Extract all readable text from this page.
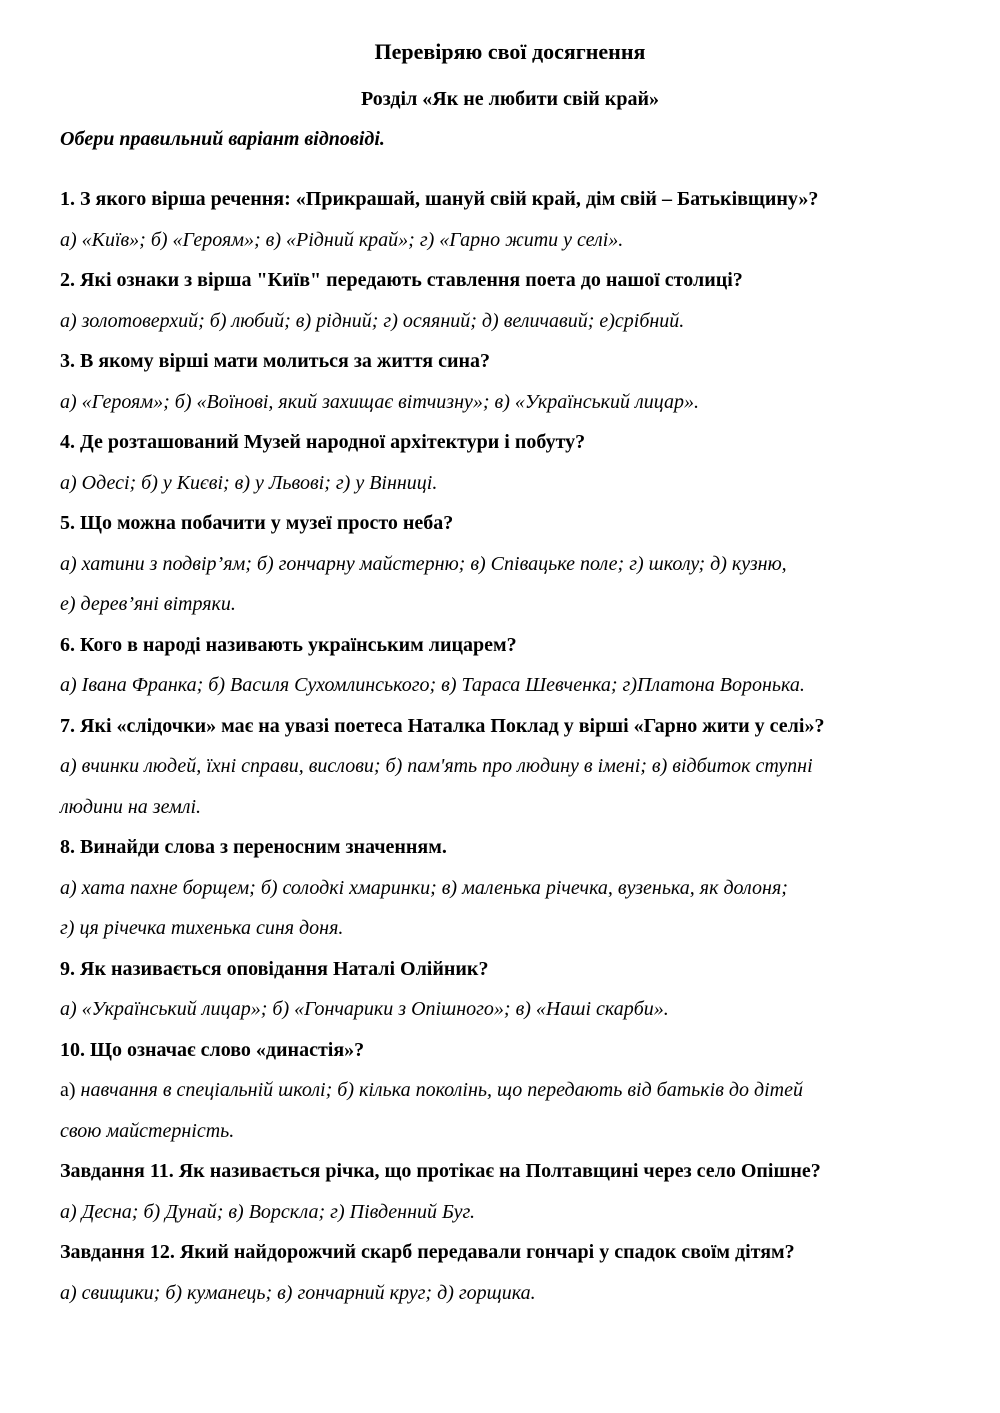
Перевіряю свої досягнення
Розділ «Як не любити свій край»

Обери правильний варіант відповіді.

1. З якого вірша речення: «Прикрашай, шануй свій край, дім свій – Батьківщину»?

а) «Київ»; б) «Героям»; в) «Рідний край»; г) «Гарно жити у селі».

2. Які ознаки з вірша "Київ" передають ставлення поета до нашої столиці?

а) золотоверхий; б) любий; в) рідний; г) осяяний; д) величавий; е)срібний.

3. В якому вірші мати молиться за життя сина?

а) «Героям»; б) «Воїнові, який захищає вітчизну»; в) «Український лицар».

4. Де розташований Музей народної архітектури і побуту?

а) Одесі; б) у Києві; в) у Львові; г) у Вінниці.

5. Що можна побачити у музеї просто неба?

а) хатини з подвір’ям; б) гончарну майстерню; в) Співацьке поле; г) школу; д) кузню,

е) дерев’яні вітряки.

6. Кого в народі називають українським лицарем?

а) Івана Франка; б) Василя Сухомлинського; в) Тараса Шевченка; г)Платона Воронька.

7. Які «слідочки» має на увазі поетеса Наталка Поклад у вірші «Гарно жити у селі»?

а) вчинки людей, їхні справи, вислови; б) пам'ять про людину в імені; в) відбиток ступні

людини на землі.

8. Винайди слова з переносним значенням.

а) хата пахне борщем; б) солодкі хмаринки; в) маленька річечка, вузенька, як долоня;

г) ця річечка тихенька синя доня.

9. Як називається оповідання Наталі Олійник?

а) «Український лицар»; б) «Гончарики з Опішного»; в) «Наші скарби».

10. Що означає слово «династія»?

а) навчання в спеціальній школі; б) кілька поколінь, що передають від батьків до дітей

свою майстерність.

Завдання 11. Як називається річка, що протікає на Полтавщині через село Опішне?

а) Десна; б) Дунай; в) Ворскла; г) Південний Буг.

Завдання 12. Який найдорожчий скарб передавали гончарі у спадок своїм дітям?

а) свищики; б) куманець; в) гончарний круг; д) горщика.
